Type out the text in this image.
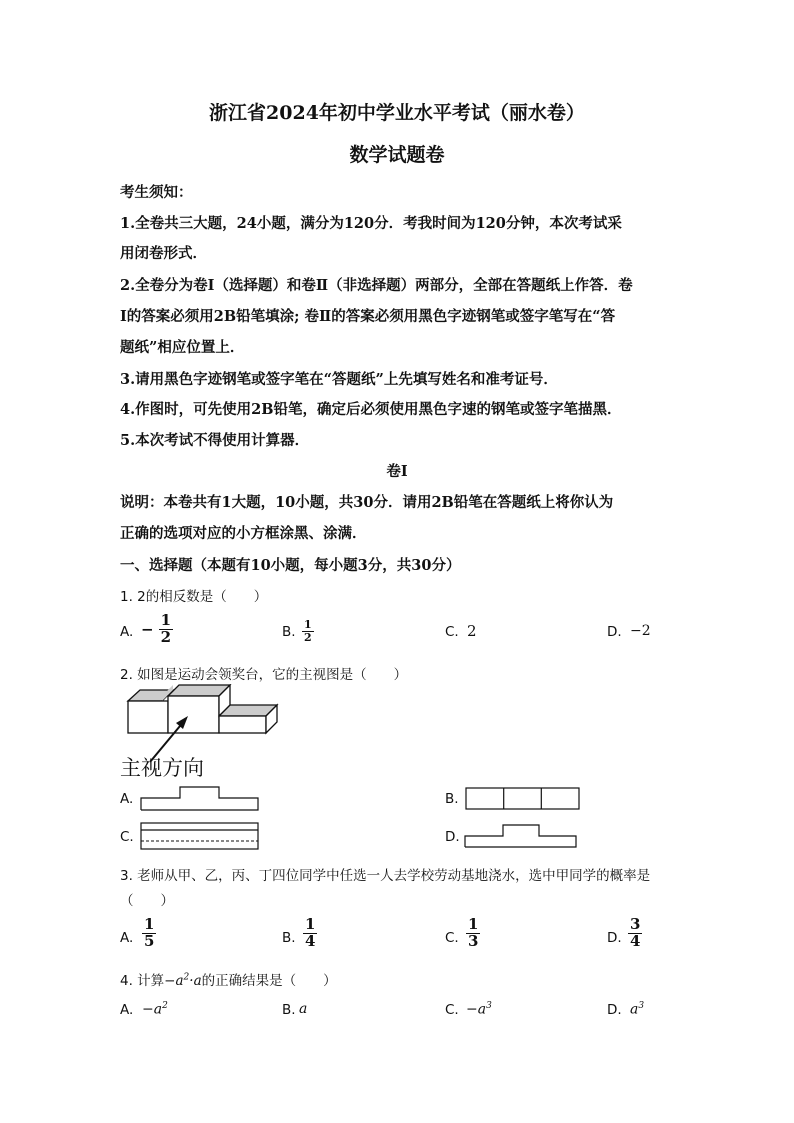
浙江省2024年初中学业水平考试（丽水卷）
数学试题卷
考生须知：
1.全卷共三大题，24小题，满分为120分．考我时间为120分钟，本次考试采
用闭卷形式．
2.全卷分为卷Ⅰ（选择题）和卷Ⅱ（非选择题）两部分，全部在答题纸上作答．卷
Ⅰ的答案必须用2B铅笔填涂; 卷Ⅱ的答案必须用黑色字迹钢笔或签字笔写在“答
题纸”相应位置上．
3.请用黑色字迹钢笔或签字笔在“答题纸”上先填写姓名和准考证号．
4.作图时，可先使用2B铅笔，确定后必须使用黑色字速的钢笔或签字笔描黑．
5.本次考试不得使用计算器．
卷Ⅰ
说明：本卷共有1大题，10小题，共30分．请用2B铅笔在答题纸上将你认为
正确的选项对应的小方框涂黑、涂满．
一、选择题（本题有10小题，每小题3分，共30分）
1. 2的相反数是（　　）
A. − $\frac{1}{2}$	B. $\frac{1}{2}$	C. 2	D. −2
2. 如图是运动会领奖台，它的主视图是（　　）
主视方向
A.	B.
C.	D.
3. 老师从甲、乙，丙、丁四位同学中任选一人去学校劳动基地浇水，选中甲同学的概率是
（　　）
A. $\frac{1}{5}$	B. $\frac{1}{4}$	C. $\frac{1}{3}$	D. $\frac{3}{4}$
4. 计算$-a^2\cdot a$的正确结果是（　　）
A. $-a^2$	B. a	C. $-a^3$	D. $a^3$
